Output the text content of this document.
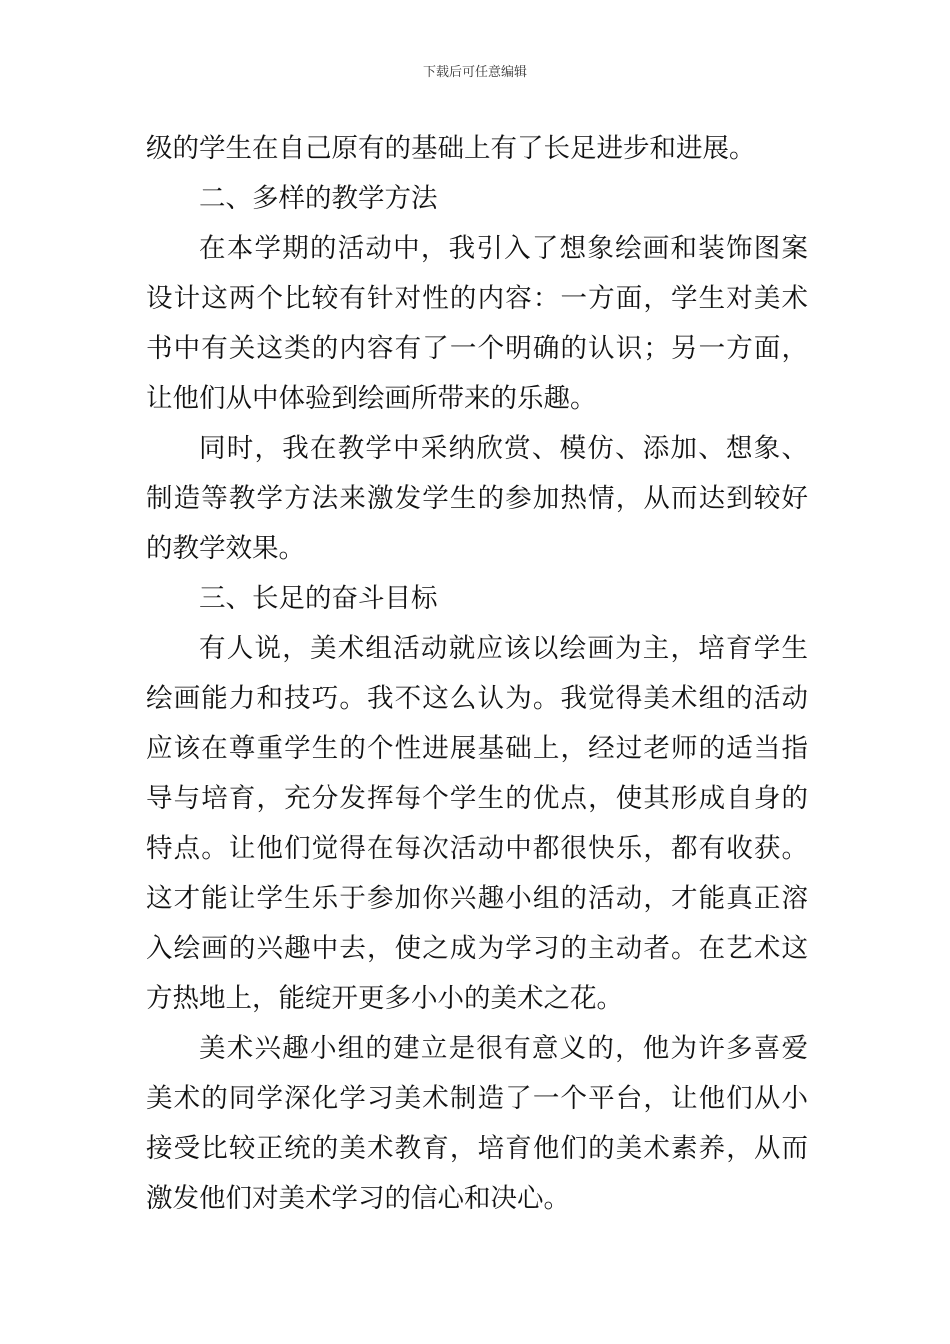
下载后可任意编辑

级的学生在自己原有的基础上有了长足进步和进展。

二、多样的教学方法

在本学期的活动中，我引入了想象绘画和装饰图案设计这两个比较有针对性的内容：一方面，学生对美术书中有关这类的内容有了一个明确的认识；另一方面，让他们从中体验到绘画所带来的乐趣。

同时，我在教学中采纳欣赏、模仿、添加、想象、制造等教学方法来激发学生的参加热情，从而达到较好的教学效果。

三、长足的奋斗目标

有人说，美术组活动就应该以绘画为主，培育学生绘画能力和技巧。我不这么认为。我觉得美术组的活动应该在尊重学生的个性进展基础上，经过老师的适当指导与培育，充分发挥每个学生的优点，使其形成自身的特点。让他们觉得在每次活动中都很快乐，都有收获。这才能让学生乐于参加你兴趣小组的活动，才能真正溶入绘画的兴趣中去，使之成为学习的主动者。在艺术这方热地上，能绽开更多小小的美术之花。

美术兴趣小组的建立是很有意义的，他为许多喜爱美术的同学深化学习美术制造了一个平台，让他们从小接受比较正统的美术教育，培育他们的美术素养，从而激发他们对美术学习的信心和决心。
